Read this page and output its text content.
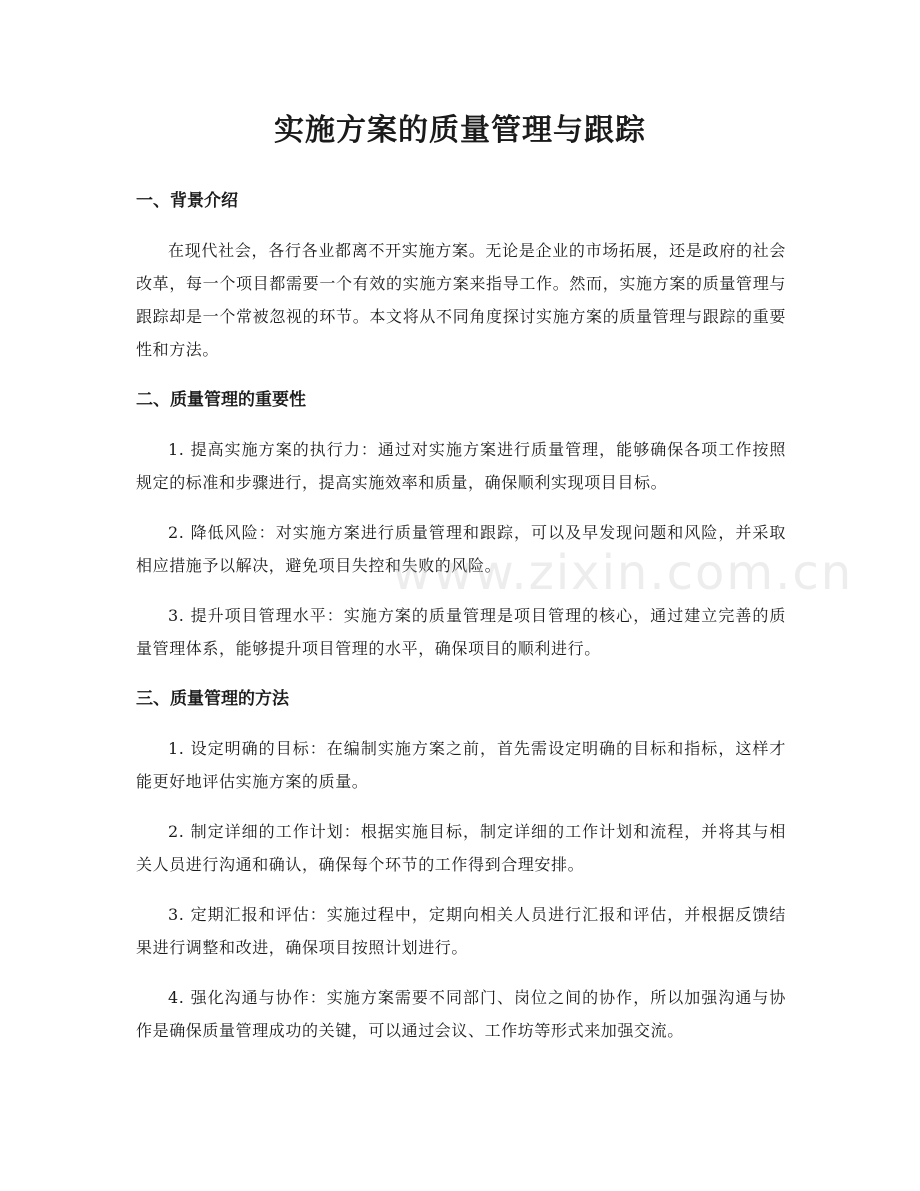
实施方案的质量管理与跟踪
一、背景介绍

在现代社会，各行各业都离不开实施方案。无论是企业的市场拓展，还是政府的社会改革，每一个项目都需要一个有效的实施方案来指导工作。然而，实施方案的质量管理与跟踪却是一个常被忽视的环节。本文将从不同角度探讨实施方案的质量管理与跟踪的重要性和方法。

二、质量管理的重要性

1. 提高实施方案的执行力：通过对实施方案进行质量管理，能够确保各项工作按照规定的标准和步骤进行，提高实施效率和质量，确保顺利实现项目目标。

2. 降低风险：对实施方案进行质量管理和跟踪，可以及早发现问题和风险，并采取相应措施予以解决，避免项目失控和失败的风险。

3. 提升项目管理水平：实施方案的质量管理是项目管理的核心，通过建立完善的质量管理体系，能够提升项目管理的水平，确保项目的顺利进行。

三、质量管理的方法

1. 设定明确的目标：在编制实施方案之前，首先需设定明确的目标和指标，这样才能更好地评估实施方案的质量。

2. 制定详细的工作计划：根据实施目标，制定详细的工作计划和流程，并将其与相关人员进行沟通和确认，确保每个环节的工作得到合理安排。

3. 定期汇报和评估：实施过程中，定期向相关人员进行汇报和评估，并根据反馈结果进行调整和改进，确保项目按照计划进行。

4. 强化沟通与协作：实施方案需要不同部门、岗位之间的协作，所以加强沟通与协作是确保质量管理成功的关键，可以通过会议、工作坊等形式来加强交流。

www.zixin.com.cn
